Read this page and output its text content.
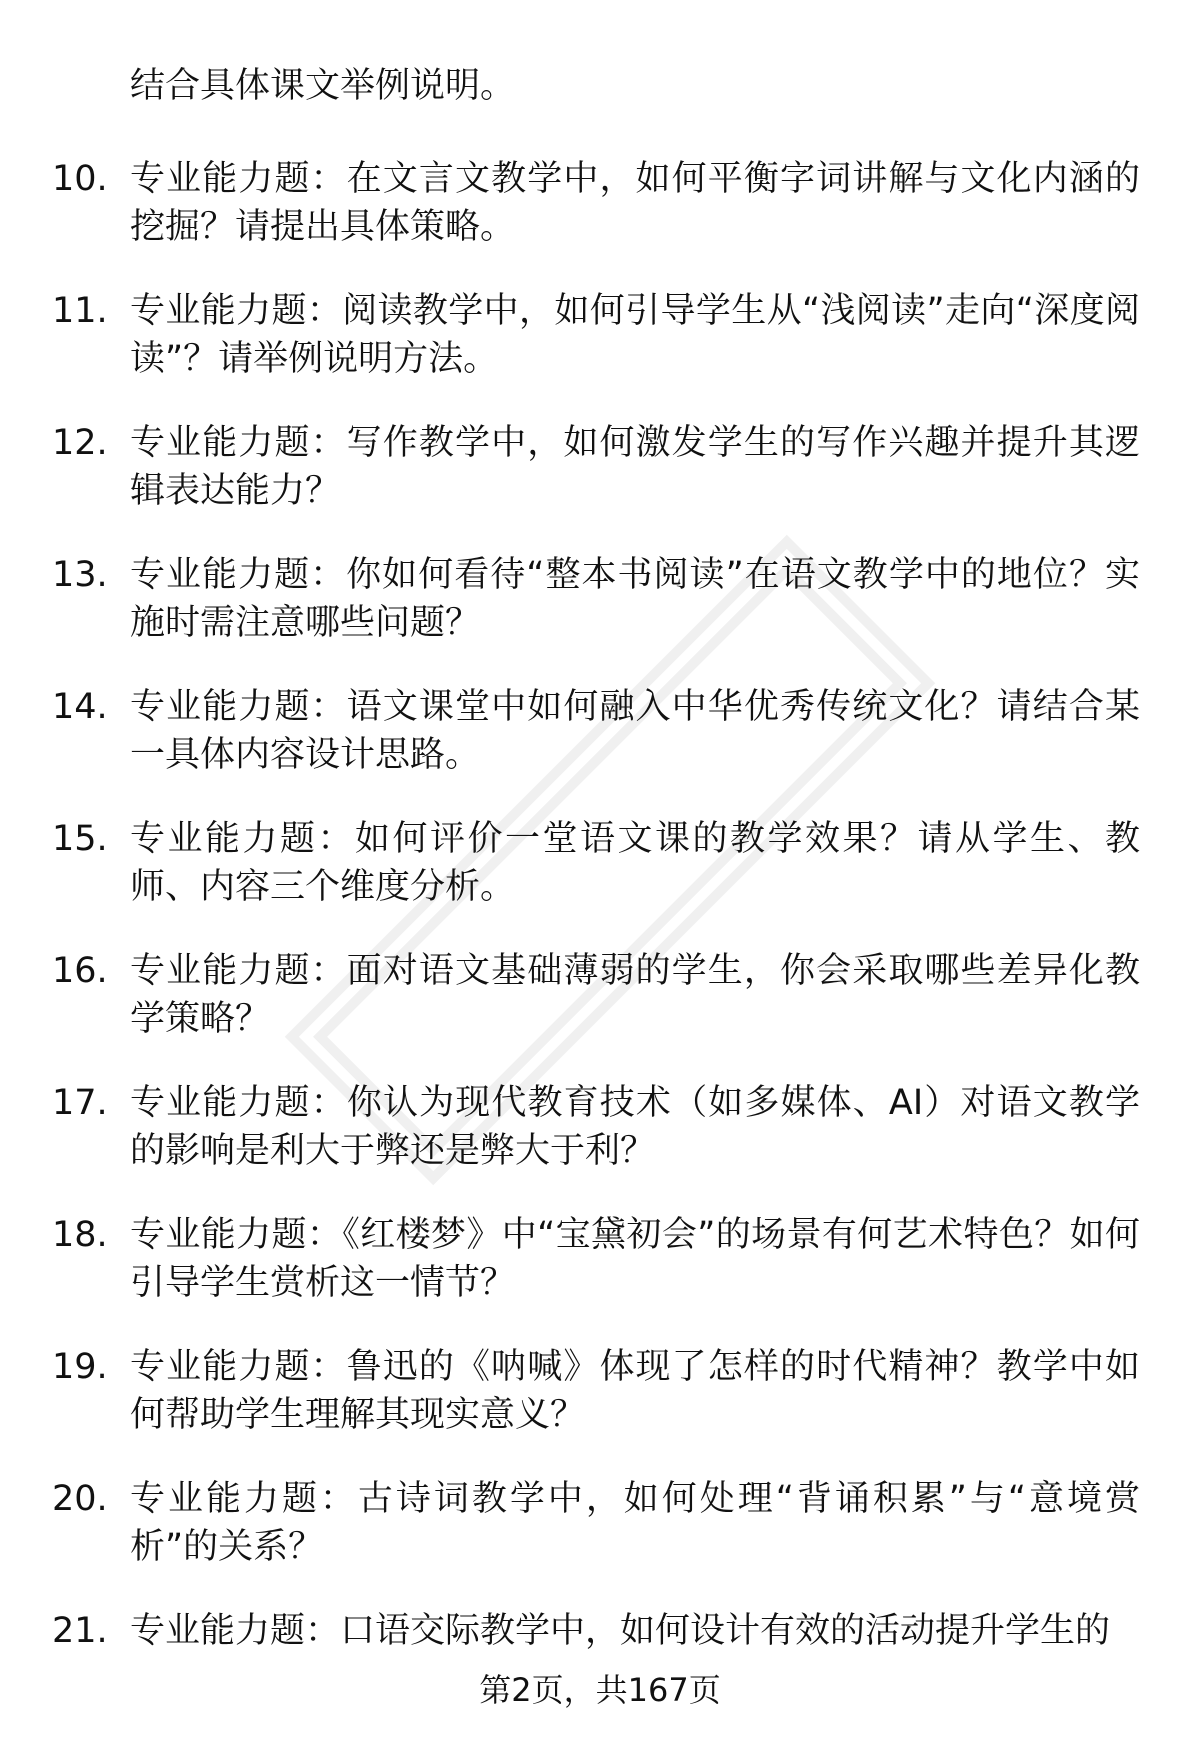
结合具体课文举例说明。
10. 专业能力题：在文言文教学中，如何平衡字词讲解与文化内涵的挖掘？请提出具体策略。
11. 专业能力题：阅读教学中，如何引导学生从“浅阅读”走向“深度阅读”？请举例说明方法。
12. 专业能力题：写作教学中，如何激发学生的写作兴趣并提升其逻辑表达能力？
13. 专业能力题：你如何看待“整本书阅读”在语文教学中的地位？实施时需注意哪些问题？
14. 专业能力题：语文课堂中如何融入中华优秀传统文化？请结合某一具体内容设计思路。
15. 专业能力题：如何评价一堂语文课的教学效果？请从学生、教师、内容三个维度分析。
16. 专业能力题：面对语文基础薄弱的学生，你会采取哪些差异化教学策略？
17. 专业能力题：你认为现代教育技术（如多媒体、AI）对语文教学的影响是利大于弊还是弊大于利？
18. 专业能力题：《红楼梦》中“宝黛初会”的场景有何艺术特色？如何引导学生赏析这一情节？
19. 专业能力题：鲁迅的《呐喊》体现了怎样的时代精神？教学中如何帮助学生理解其现实意义？
20. 专业能力题：古诗词教学中，如何处理“背诵积累”与“意境赏析”的关系？
21. 专业能力题：口语交际教学中，如何设计有效的活动提升学生的
第2页，共167页
